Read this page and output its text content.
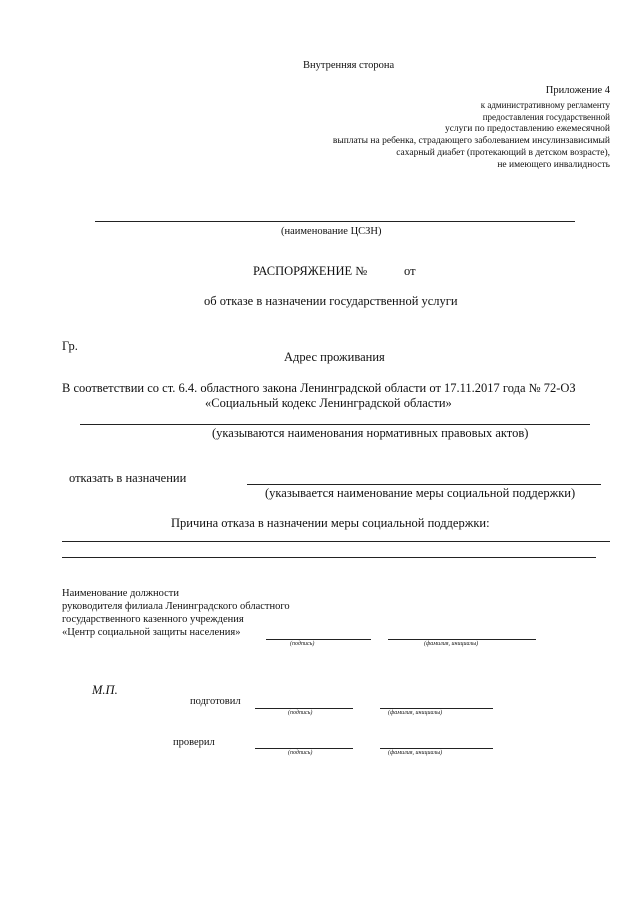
Внутренняя сторона
Приложение 4
к административному регламенту
предоставления государственной
услуги по предоставлению ежемесячной
выплаты на ребенка, страдающего заболеванием инсулинзависимый
сахарный диабет (протекающий в детском возрасте),
не имеющего инвалидность
(наименование ЦСЗН)
РАСПОРЯЖЕНИЕ №	от
об отказе в назначении государственной услуги
Гр.
Адрес проживания
В соответствии со ст. 6.4. областного закона Ленинградской области от 17.11.2017 года № 72-ОЗ
«Социальный кодекс Ленинградской области»
(указываются наименования нормативных правовых актов)
отказать в назначении
(указывается наименование меры социальной поддержки)
Причина отказа в назначении меры социальной поддержки:
Наименование должности
руководителя филиала Ленинградского областного
государственного казенного учреждения
«Центр социальной защиты населения»
(подпись)	(фамилия, инициалы)
М.П.
подготовил
(подпись)	(фамилия, инициалы)
проверил
(подпись)	(фамилия, инициалы)
